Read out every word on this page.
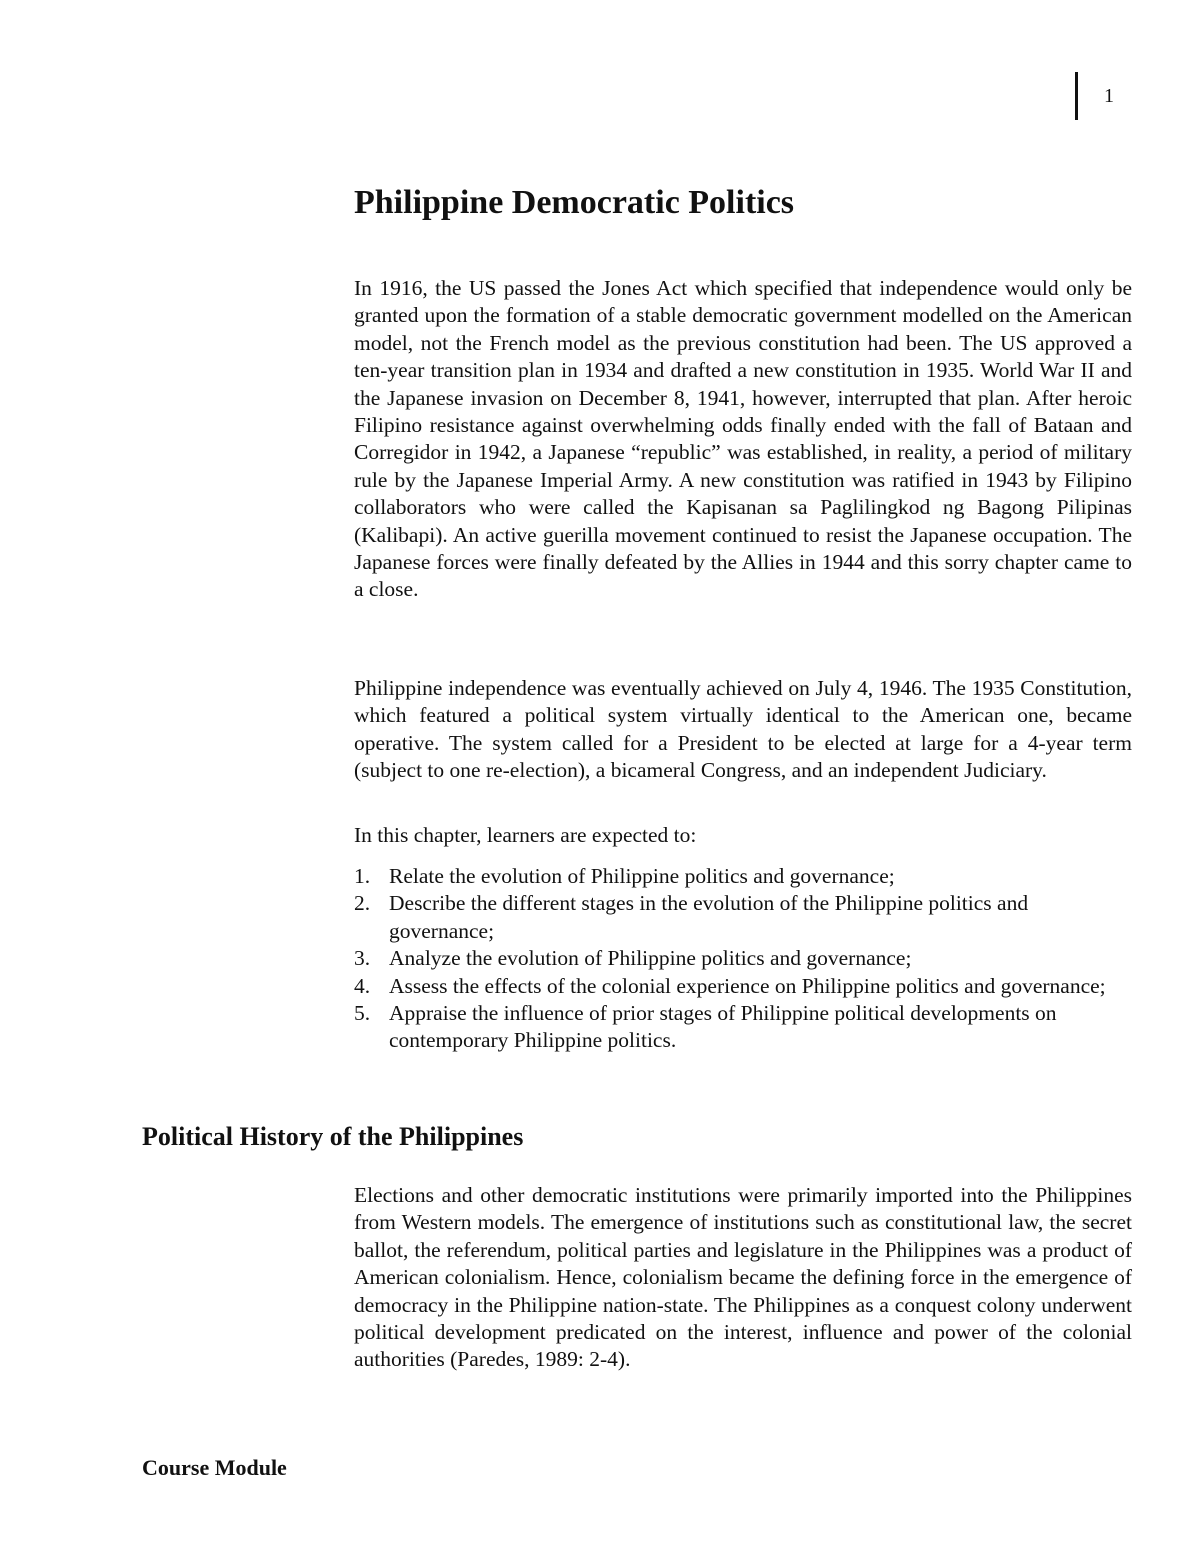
1
Philippine Democratic Politics

In 1916, the US passed the Jones Act which specified that independence would only be granted upon the formation of a stable democratic government modelled on the American model, not the French model as the previous constitution had been. The US approved a ten-year transition plan in 1934 and drafted a new constitution in 1935. World War II and the Japanese invasion on December 8, 1941, however, interrupted that plan. After heroic Filipino resistance against overwhelming odds finally ended with the fall of Bataan and Corregidor in 1942, a Japanese “republic” was established, in reality, a period of military rule by the Japanese Imperial Army. A new constitution was ratified in 1943 by Filipino collaborators who were called the Kapisanan sa Paglilingkod ng Bagong Pilipinas (Kalibapi). An active guerilla movement continued to resist the Japanese occupation. The Japanese forces were finally defeated by the Allies in 1944 and this sorry chapter came to a close.

Philippine independence was eventually achieved on July 4, 1946. The 1935 Constitution, which featured a political system virtually identical to the American one, became operative. The system called for a President to be elected at large for a 4-year term (subject to one re-election), a bicameral Congress, and an independent Judiciary.

In this chapter, learners are expected to:

1. Relate the evolution of Philippine politics and governance;
2. Describe the different stages in the evolution of the Philippine politics and governance;
3. Analyze the evolution of Philippine politics and governance;
4. Assess the effects of the colonial experience on Philippine politics and governance;
5. Appraise the influence of prior stages of Philippine political developments on contemporary Philippine politics.
Political History of the Philippines

Elections and other democratic institutions were primarily imported into the Philippines from Western models. The emergence of institutions such as constitutional law, the secret ballot, the referendum, political parties and legislature in the Philippines was a product of American colonialism. Hence, colonialism became the defining force in the emergence of democracy in the Philippine nation-state. The Philippines as a conquest colony underwent political development predicated on the interest, influence and power of the colonial authorities (Paredes, 1989: 2-4).

Course Module
